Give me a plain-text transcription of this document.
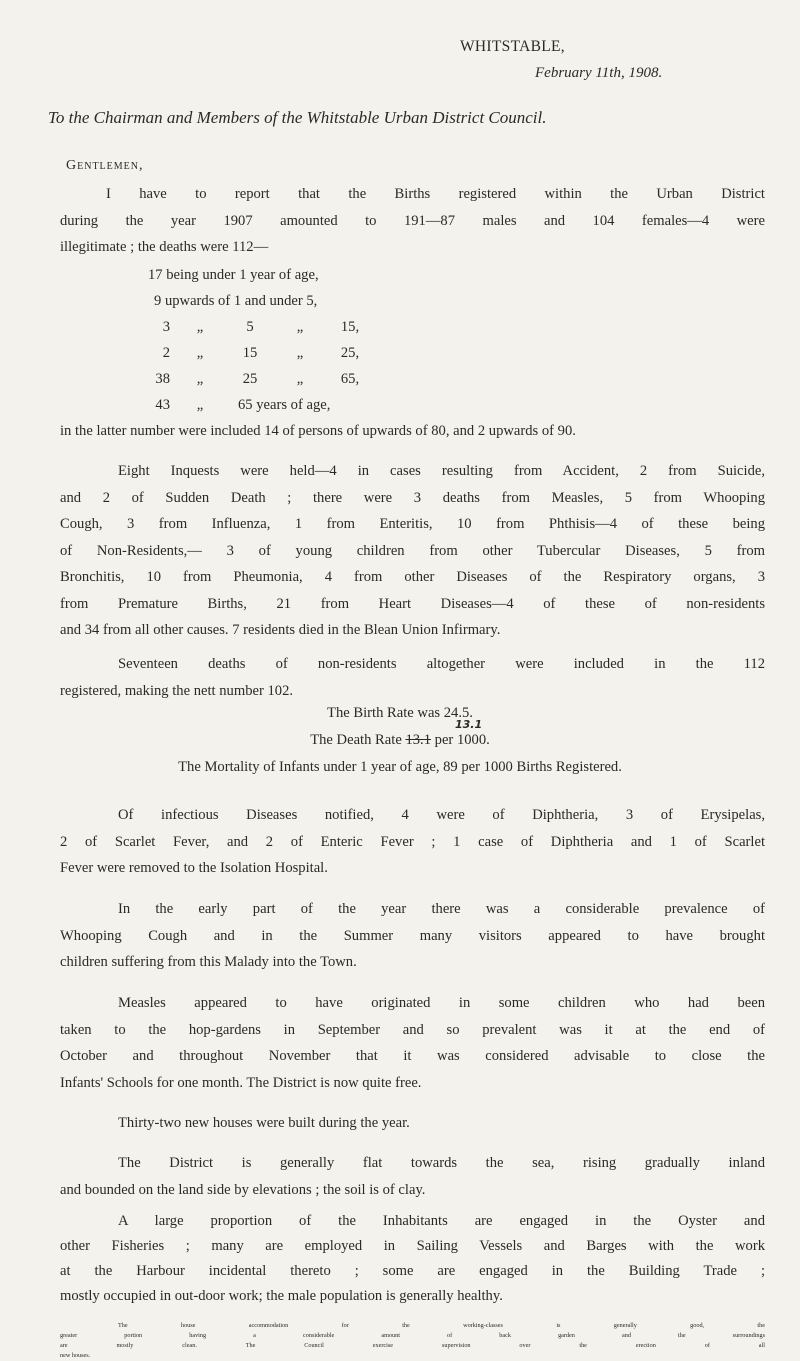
WHITSTABLE,
February 11th, 1908.
To the Chairman and Members of the Whitstable Urban District Council.
Gentlemen,
I have to report that the Births registered within the Urban District
during the year 1907 amounted to 191—87 males and 104 females—4 were
illegitimate ; the deaths were 112—
17 being under 1 year of age,
9 upwards of 1 and under 5,
3 „	5	„	15,
2 „	15	„	25,
38 „	25	„	65,
43 „ 65 years of age,
in the latter number were included 14 of persons of upwards of 80, and 2 upwards of 90.
Eight Inquests were held—4 in cases resulting from Accident, 2 from Suicide,
and 2 of Sudden Death ; there were 3 deaths from Measles, 5 from Whooping
Cough, 3 from Influenza, 1 from Enteritis, 10 from Phthisis—4 of these being
of Non-Residents,— 3 of young children from other Tubercular Diseases, 5 from
Bronchitis, 10 from Pheumonia, 4 from other Diseases of the Respiratory organs, 3
from Premature Births, 21 from Heart Diseases—4 of these of non-residents
and 34 from all other causes. 7 residents died in the Blean Union Infirmary.
Seventeen deaths of non-residents altogether were included in the 112
registered, making the nett number 102.
The Birth Rate was 24.5.
13.1
The Death Rate 13.1 per 1000.
The Mortality of Infants under 1 year of age, 89 per 1000 Births Registered.
Of infectious Diseases notified, 4 were of Diphtheria, 3 of Erysipelas,
2 of Scarlet Fever, and 2 of Enteric Fever ; 1 case of Diphtheria and 1 of Scarlet
Fever were removed to the Isolation Hospital.
In the early part of the year there was a considerable prevalence of
Whooping Cough and in the Summer many visitors appeared to have brought
children suffering from this Malady into the Town.
Measles appeared to have originated in some children who had been
taken to the hop-gardens in September and so prevalent was it at the end of
October and throughout November that it was considered advisable to close the
Infants' Schools for one month. The District is now quite free.
Thirty-two new houses were built during the year.
The District is generally flat towards the sea, rising gradually inland
and bounded on the land side by elevations ; the soil is of clay.
A large proportion of the Inhabitants are engaged in the Oyster and
other Fisheries ; many are employed in Sailing Vessels and Barges with the work
at the Harbour incidental thereto ; some are engaged in the Building Trade ;
mostly occupied in out-door work; the male population is generally healthy.
The house accommodation for the working-classes is generally good, the
greater portion having a considerable amount of back garden and the surroundings
are mostly clean. The Council exercise supervision over the erection of all
new houses.
